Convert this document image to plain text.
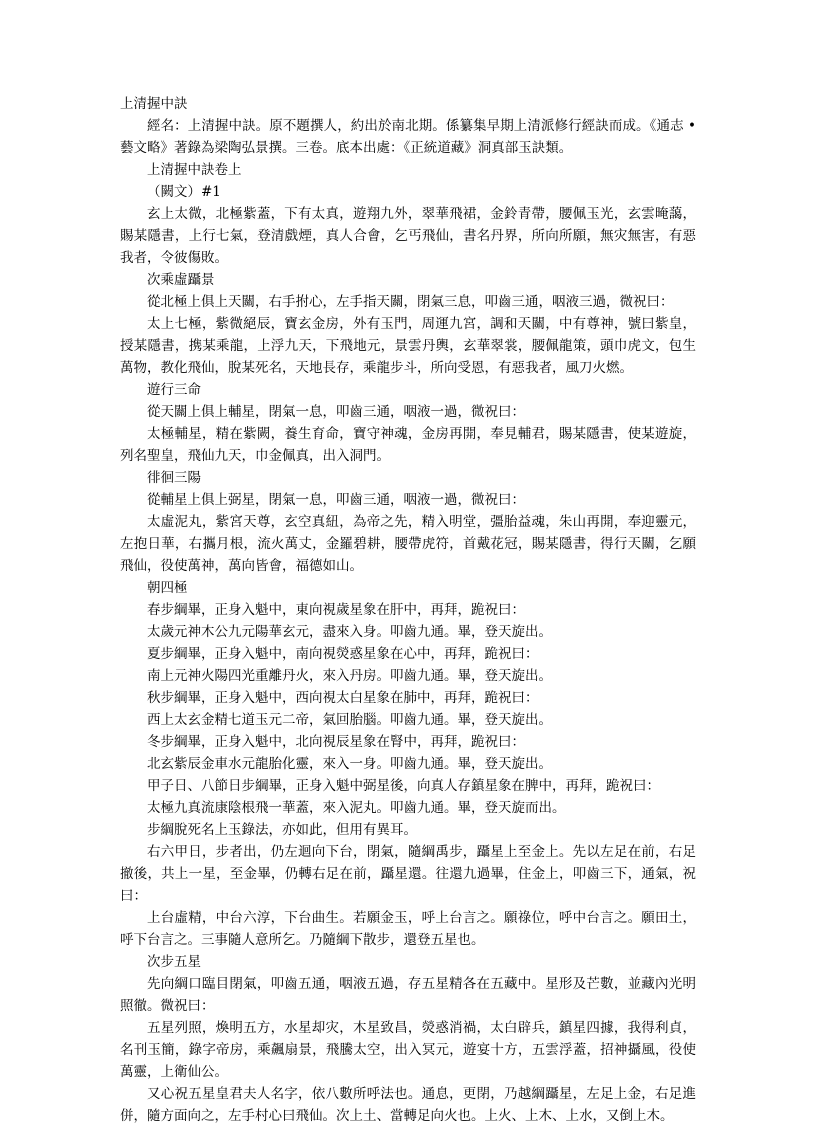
上清握中訣

經名：上清握中訣。原不題撰人，約出於南北期。係纂集早期上清派修行經訣而成。《通志 •藝文略》著錄為梁陶弘景撰。三卷。底本出處：《正統道藏》洞真部玉訣類。

上清握中訣卷上

（闕文）#1

玄上太微，北極紫蓋，下有太真，遊翔九外，翠華飛裙，金鈴青帶，腰佩玉光，玄雲晻藹，賜某隱書，上行七氣，登清戲煙，真人合會，乞丐飛仙，書名丹界，所向所願，無灾無害，有惡我者，令彼傷敗。

次乘虛躡景

從北極上俱上天關，右手拊心，左手指天關，閉氣三息，叩齒三通，咽液三過，微祝曰：

太上七極，紫微絕辰，寶玄金房，外有玉門，周運九宮，調和天關，中有尊神，號曰紫皇，授某隱書，携某乘龍，上浮九天，下飛地元，景雲丹輿，玄華翠裳，腰佩龍策，頭巾虎文，包生萬物，教化飛仙，脫某死名，天地長存，乘龍步斗，所向受恩，有惡我者，風刀火燃。

遊行三命

從天關上俱上輔星，閉氣一息，叩齒三通，咽液一過，微祝曰：

太極輔星，精在紫闕，養生育命，寶守神魂，金房再開，奉見輔君，賜某隱書，使某遊旋，列名聖皇，飛仙九天，巾金佩真，出入洞門。

徘徊三陽

從輔星上俱上弼星，閉氣一息，叩齒三通，咽液一過，微祝曰：

太虛泥丸，紫宮天尊，玄空真紐，為帝之先，精入明堂，彊胎益魂，朱山再開，奉迎靈元，左抱日華，右攜月根，流火萬丈，金羅碧耕，腰帶虎符，首戴花冠，賜某隱書，得行天關，乞願飛仙，役使萬神，萬向皆會，福德如山。

朝四極

春步綱畢，正身入魁中，東向視歲星象在肝中，再拜，跪祝曰：

太歲元神木公九元陽華玄元，盡來入身。叩齒九通。畢，登天旋出。

夏步綱畢，正身入魁中，南向視熒惑星象在心中，再拜，跪祝曰：

南上元神火陽四光重離丹火，來入丹房。叩齒九通。畢，登天旋出。

秋步綱畢，正身入魁中，西向視太白星象在肺中，再拜，跪祝曰：

西上太玄金精七道玉元二帝，氣回胎腦。叩齒九通。畢，登天旋出。

冬步綱畢，正身入魁中，北向視辰星象在腎中，再拜，跪祝曰：

北玄紫辰金車水元龍胎化靈，來入一身。叩齒九通。畢，登天旋出。

甲子日、八節日步綱畢，正身入魁中弼星後，向真人存鎮星象在脾中，再拜，跪祝曰：

太極九真流康陰根飛一華蓋，來入泥丸。叩齒九通。畢，登天旋而出。

步綱脫死名上玉錄法，亦如此，但用有異耳。

右六甲日，步者出，仍左迴向下台，閉氣，隨綱禹步，躡星上至金上。先以左足在前，右足撤後，共上一星，至金畢，仍轉右足在前，躡星還。往還九過畢，住金上，叩齒三下，通氣，祝曰：

上台虛精，中台六淳，下台曲生。若願金玉，呼上台言之。願祿位，呼中台言之。願田土，呼下台言之。三事隨人意所乞。乃隨綱下散步，還登五星也。

次步五星

先向綱口臨目閉氣，叩齒五通，咽液五過，存五星精各在五藏中。星形及芒數，並藏內光明照徹。微祝曰：

五星列照，煥明五方，水星却灾，木星致昌，熒惑消禍，太白辟兵，鎮星四據，我得利貞，名刊玉簡，錄字帝房，乘飆扇景，飛騰太空，出入冥元，遊宴十方，五雲浮蓋，招神攝風，役使萬靈，上衛仙公。

又心祝五星皇君夫人名字，依八數所呼法也。通息，更閉，乃越綱躡星，左足上金，右足進併，隨方面向之，左手村心曰飛仙。次上土、當轉足向火也。上火、上木、上水，又倒上木。
